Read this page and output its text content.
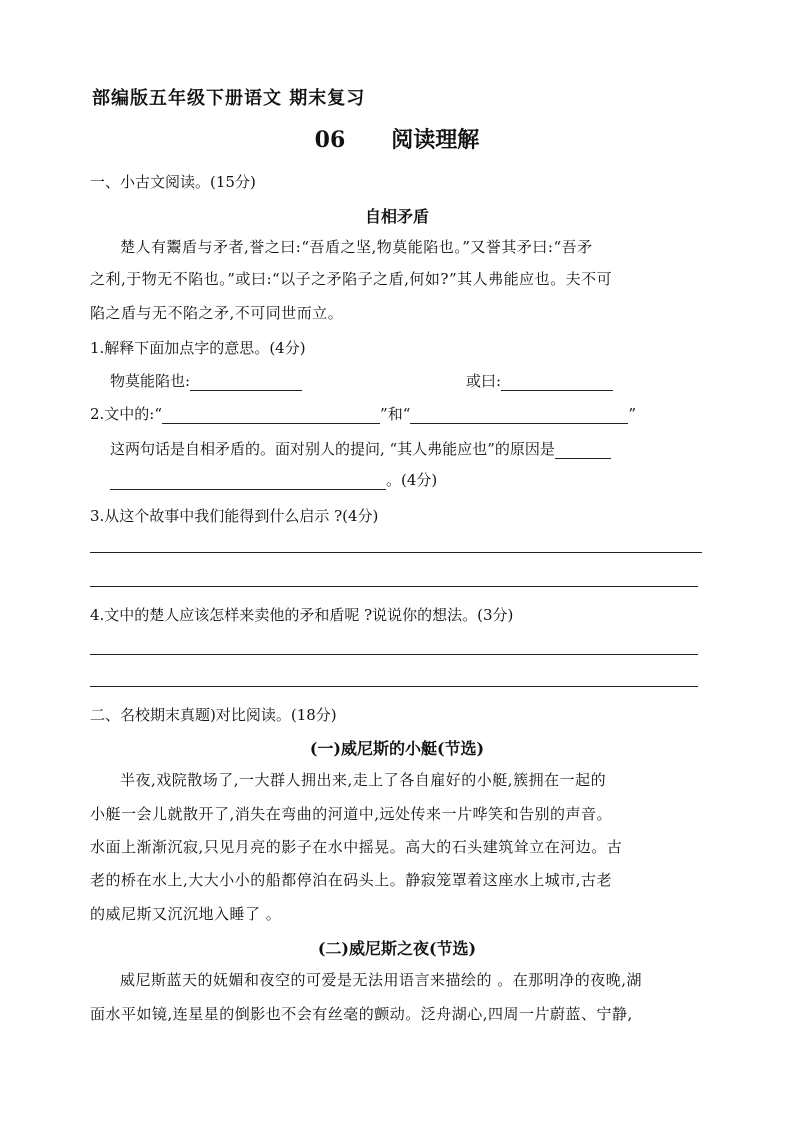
部编版五年级下册语文 期末复习
06 阅读理解
一、小古文阅读。(15分)
自相矛盾
楚人有鬻盾与矛者,誉之曰:“吾盾之坚,物莫能陷也。”又誉其矛曰:“吾矛
之利,于物无不陷也。”或曰:“以子之矛陷子之盾,何如?”其人弗能应也。夫不可
陷之盾与无不陷之矛,不可同世而立。
1.解释下面加点字的意思。(4分)
物莫能陷也:	或曰:
2.文中的:“	”和“	”
这两句话是自相矛盾的。面对别人的提问, “其人弗能应也”的原因是
。(4分)
3.从这个故事中我们能得到什么启示 ?(4分)
4.文中的楚人应该怎样来卖他的矛和盾呢 ?说说你的想法。(3分)
二、名校期末真题)对比阅读。(18分)
(一)威尼斯的小艇(节选)
半夜,戏院散场了,一大群人拥出来,走上了各自雇好的小艇,簇拥在一起的
小艇一会儿就散开了,消失在弯曲的河道中,远处传来一片哗笑和告别的声音。
水面上渐渐沉寂,只见月亮的影子在水中摇晃。高大的石头建筑耸立在河边。古
老的桥在水上,大大小小的船都停泊在码头上。静寂笼罩着这座水上城市,古老
的威尼斯又沉沉地入睡了 。
(二)威尼斯之夜(节选)
威尼斯蓝天的妩媚和夜空的可爱是无法用语言来描绘的 。在那明净的夜晚,湖
面水平如镜,连星星的倒影也不会有丝毫的颤动。泛舟湖心,四周一片蔚蓝、宁静,
